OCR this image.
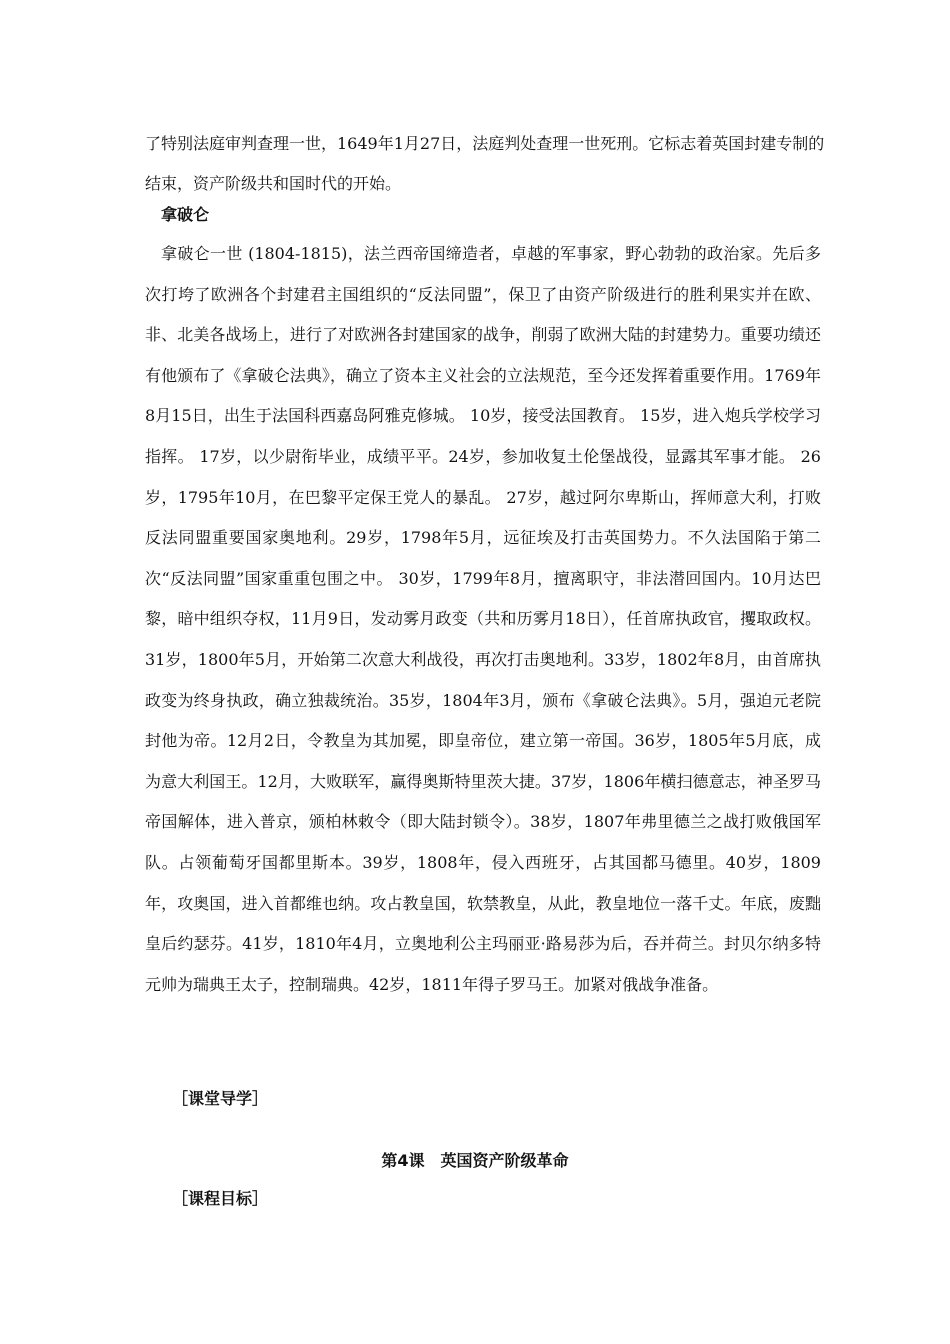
了特别法庭审判查理一世，1649年1月27日，法庭判处查理一世死刑。它标志着英国封建专制的结束，资产阶级共和国时代的开始。

拿破仑

拿破仑一世 (1804-1815)，法兰西帝国缔造者，卓越的军事家，野心勃勃的政治家。先后多次打垮了欧洲各个封建君主国组织的“反法同盟”，保卫了由资产阶级进行的胜利果实并在欧、非、北美各战场上，进行了对欧洲各封建国家的战争，削弱了欧洲大陆的封建势力。重要功绩还有他颁布了《拿破仑法典》，确立了资本主义社会的立法规范，至今还发挥着重要作用。1769年8月15日，出生于法国科西嘉岛阿雅克修城。 10岁，接受法国教育。 15岁，进入炮兵学校学习指挥。 17岁，以少尉衔毕业，成绩平平。24岁，参加收复土伦堡战役，显露其军事才能。 26岁，1795年10月，在巴黎平定保王党人的暴乱。 27岁，越过阿尔卑斯山，挥师意大利，打败反法同盟重要国家奥地利。29岁，1798年5月，远征埃及打击英国势力。不久法国陷于第二次“反法同盟”国家重重包围之中。 30岁，1799年8月，擅离职守，非法潜回国内。10月达巴黎，暗中组织夺权，11月9日，发动雾月政变（共和历雾月18日），任首席执政官，攫取政权。 31岁，1800年5月，开始第二次意大利战役，再次打击奥地利。33岁，1802年8月，由首席执政变为终身执政，确立独裁统治。35岁，1804年3月，颁布《拿破仑法典》。5月，强迫元老院封他为帝。12月2日，令教皇为其加冕，即皇帝位，建立第一帝国。36岁，1805年5月底，成为意大利国王。12月，大败联军，赢得奥斯特里茨大捷。37岁，1806年横扫德意志，神圣罗马帝国解体，进入普京，颁柏林敕令（即大陆封锁令）。38岁，1807年弗里德兰之战打败俄国军队。占领葡萄牙国都里斯本。39岁，1808年，侵入西班牙，占其国都马德里。40岁，1809年，攻奥国，进入首都维也纳。攻占教皇国，软禁教皇，从此，教皇地位一落千丈。年底，废黜皇后约瑟芬。41岁，1810年4月，立奥地利公主玛丽亚·路易莎为后，吞并荷兰。封贝尔纳多特元帅为瑞典王太子，控制瑞典。42岁，1811年得子罗马王。加紧对俄战争准备。

［课堂导学］
第4课　英国资产阶级革命
［课程目标］
